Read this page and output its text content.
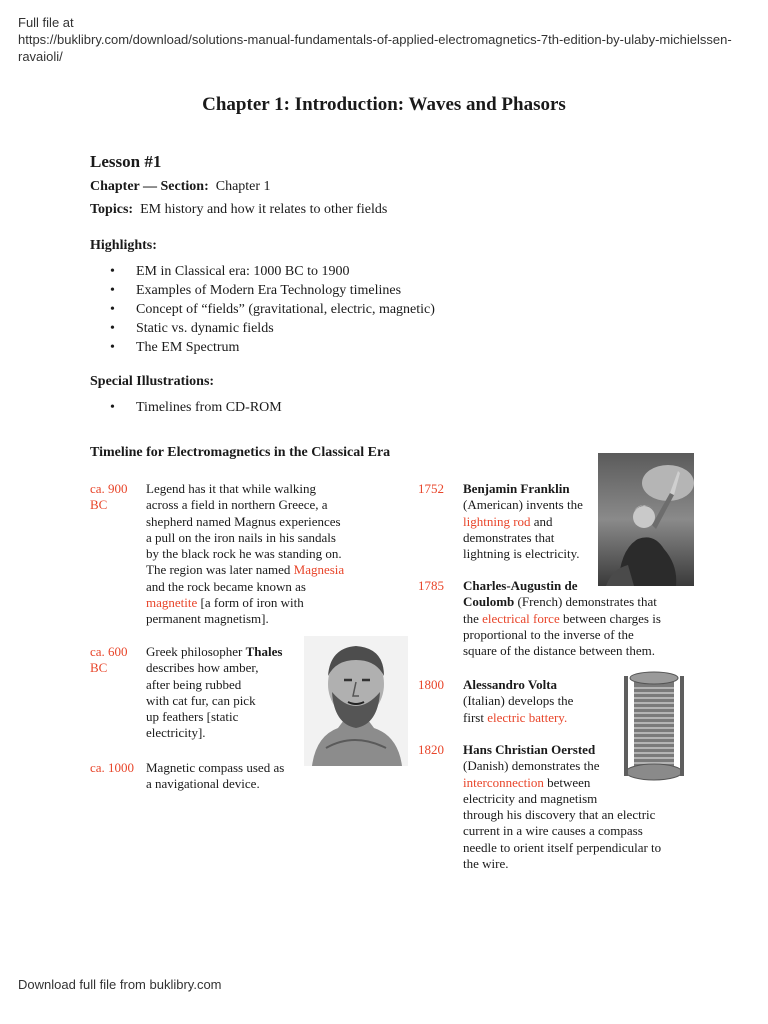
Full file at
https://buklibry.com/download/solutions-manual-fundamentals-of-applied-electromagnetics-7th-edition-by-ulaby-michielssen-ravaioli/
Chapter 1: Introduction: Waves and Phasors
Lesson #1
Chapter — Section: Chapter 1
Topics: EM history and how it relates to other fields
Highlights:
• EM in Classical era: 1000 BC to 1900
• Examples of Modern Era Technology timelines
• Concept of “fields” (gravitational, electric, magnetic)
• Static vs. dynamic fields
• The EM Spectrum
Special Illustrations:
• Timelines from CD-ROM
Timeline for Electromagnetics in the Classical Era
ca. 900
BC
Legend has it that while walking
across a field in northern Greece, a
shepherd named Magnus experiences
a pull on the iron nails in his sandals
by the black rock he was standing on.
The region was later named Magnesia
and the rock became known as
magnetite [a form of iron with
permanent magnetism].
ca. 600
BC
Greek philosopher Thales
describes how amber,
after being rubbed
with cat fur, can pick
up feathers [static
electricity].
ca. 1000 Magnetic compass used as
a navigational device.
1752 Benjamin Franklin
(American) invents the
lightning rod and
demonstrates that
lightning is electricity.
1785 Charles-Augustin de
Coulomb (French) demonstrates that
the electrical force between charges is
proportional to the inverse of the
square of the distance between them.
1800 Alessandro Volta
(Italian) develops the
first electric battery.
1820 Hans Christian Oersted
(Danish) demonstrates the
interconnection between
electricity and magnetism
through his discovery that an electric
current in a wire causes a compass
needle to orient itself perpendicular to
the wire.
Download full file from buklibry.com
